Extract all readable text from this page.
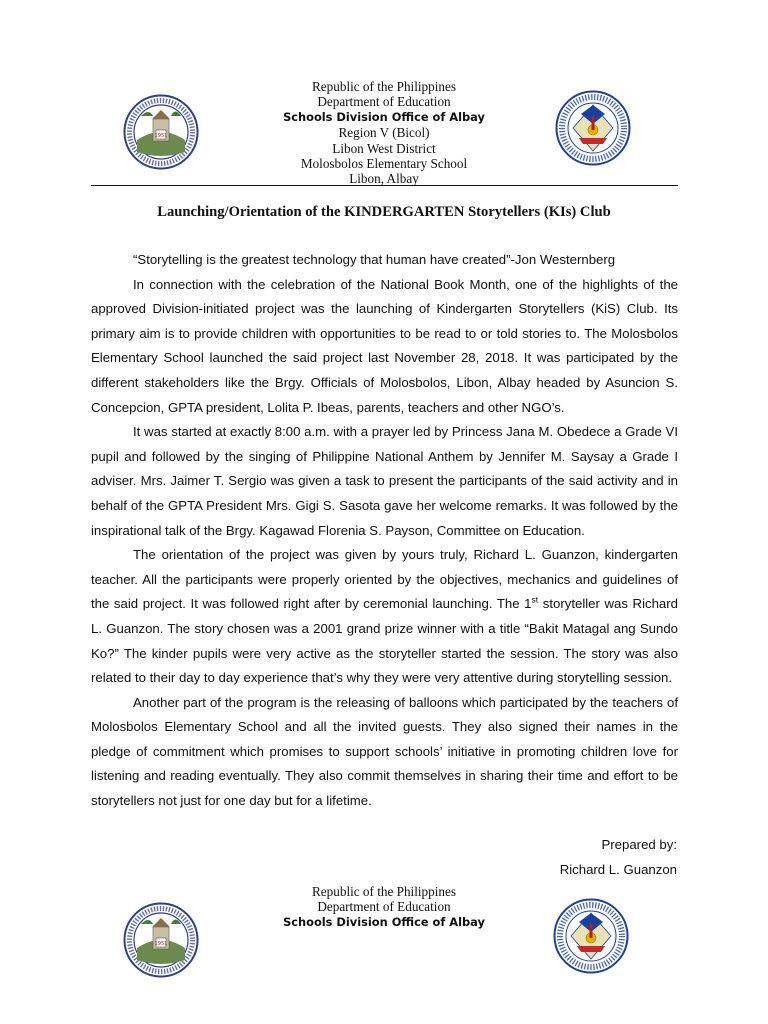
1951
Republic of the Philippines
Department of Education
Schools Division Office of Albay
Region V (Bicol)
Libon West District
Molosbolos Elementary School
Libon, Albay
Launching/Orientation of the KINDERGARTEN Storytellers (KIs) Club

“Storytelling is the greatest technology that human have created”-Jon Westernberg

In connection with the celebration of the National Book Month, one of the highlights of the approved Division-initiated project was the launching of Kindergarten Storytellers (KiS) Club. Its primary aim is to provide children with opportunities to be read to or told stories to. The Molosbolos Elementary School launched the said project last November 28, 2018. It was participated by the different stakeholders like the Brgy. Officials of Molosbolos, Libon, Albay headed by Asuncion S. Concepcion, GPTA president, Lolita P. Ibeas, parents, teachers and other NGO’s.

It was started at exactly 8:00 a.m. with a prayer led by Princess Jana M. Obedece a Grade VI pupil and followed by the singing of Philippine National Anthem by Jennifer M. Saysay a Grade I adviser. Mrs. Jaimer T. Sergio was given a task to present the participants of the said activity and in behalf of the GPTA President Mrs. Gigi S. Sasota gave her welcome remarks. It was followed by the inspirational talk of the Brgy. Kagawad Florenia S. Payson, Committee on Education.

The orientation of the project was given by yours truly, Richard L. Guanzon, kindergarten teacher. All the participants were properly oriented by the objectives, mechanics and guidelines of the said project. It was followed right after by ceremonial launching. The 1st storyteller was Richard L. Guanzon. The story chosen was a 2001 grand prize winner with a title “Bakit Matagal ang Sundo Ko?” The kinder pupils were very active as the storyteller started the session. The story was also related to their day to day experience that’s why they were very attentive during storytelling session.

Another part of the program is the releasing of balloons which participated by the teachers of Molosbolos Elementary School and all the invited guests. They also signed their names in the pledge of commitment which promises to support schools’ initiative in promoting children love for listening and reading eventually. They also commit themselves in sharing their time and effort to be storytellers not just for one day but for a lifetime.

Prepared by:
Richard L. Guanzon
1951
Republic of the Philippines
Department of Education
Schools Division Office of Albay
